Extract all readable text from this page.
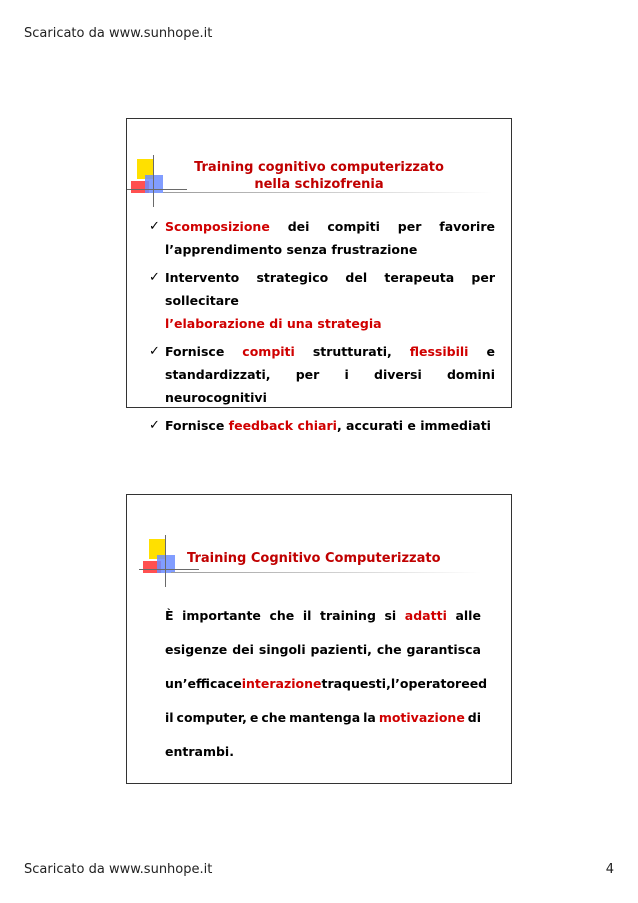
Scaricato da www.sunhope.it
Training cognitivo computerizzato
nella schizofrenia
✓ Scomposizione dei compiti per favorire
l’apprendimento senza frustrazione
✓ Intervento strategico del terapeuta per sollecitare
l’elaborazione di una strategia
✓ Fornisce compiti strutturati, flessibili e
standardizzati, per i diversi domini neurocognitivi
✓ Fornisce feedback chiari, accurati e immediati
Training Cognitivo Computerizzato
È importante che il training si adatti alle
esigenze dei singoli pazienti, che garantisca
un’efficace interazione tra questi, l’operatore ed
il computer, e che mantenga la motivazione di
entrambi.
Scaricato da www.sunhope.it	4
